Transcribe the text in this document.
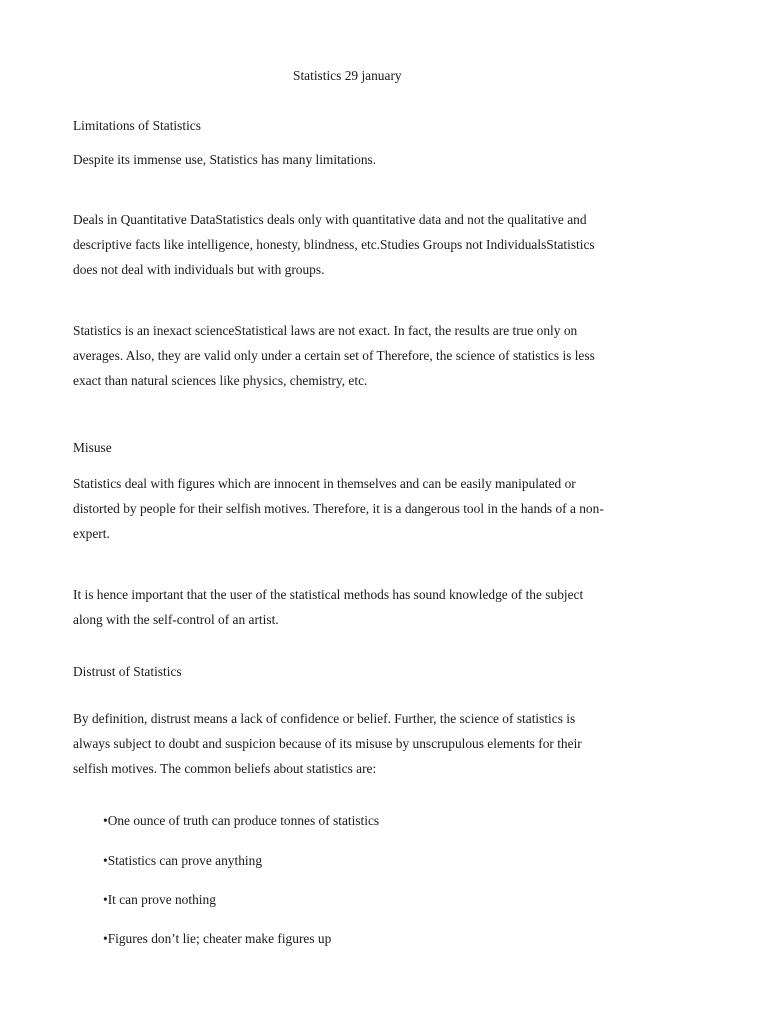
Statistics 29 january
Limitations of Statistics
Despite its immense use, Statistics has many limitations.
Deals in Quantitative DataStatistics deals only with quantitative data and not the qualitative and
descriptive facts like intelligence, honesty, blindness, etc.Studies Groups not IndividualsStatistics
does not deal with individuals but with groups.
Statistics is an inexact scienceStatistical laws are not exact. In fact, the results are true only on
averages. Also, they are valid only under a certain set of Therefore, the science of statistics is less
exact than natural sciences like physics, chemistry, etc.
Misuse
Statistics deal with figures which are innocent in themselves and can be easily manipulated or
distorted by people for their selfish motives. Therefore, it is a dangerous tool in the hands of a non-
expert.
It is hence important that the user of the statistical methods has sound knowledge of the subject
along with the self-control of an artist.
Distrust of Statistics
By definition, distrust means a lack of confidence or belief. Further, the science of statistics is
always subject to doubt and suspicion because of its misuse by unscrupulous elements for their
selfish motives. The common beliefs about statistics are:
•One ounce of truth can produce tonnes of statistics
•Statistics can prove anything
•It can prove nothing
•Figures don’t lie; cheater make figures up
